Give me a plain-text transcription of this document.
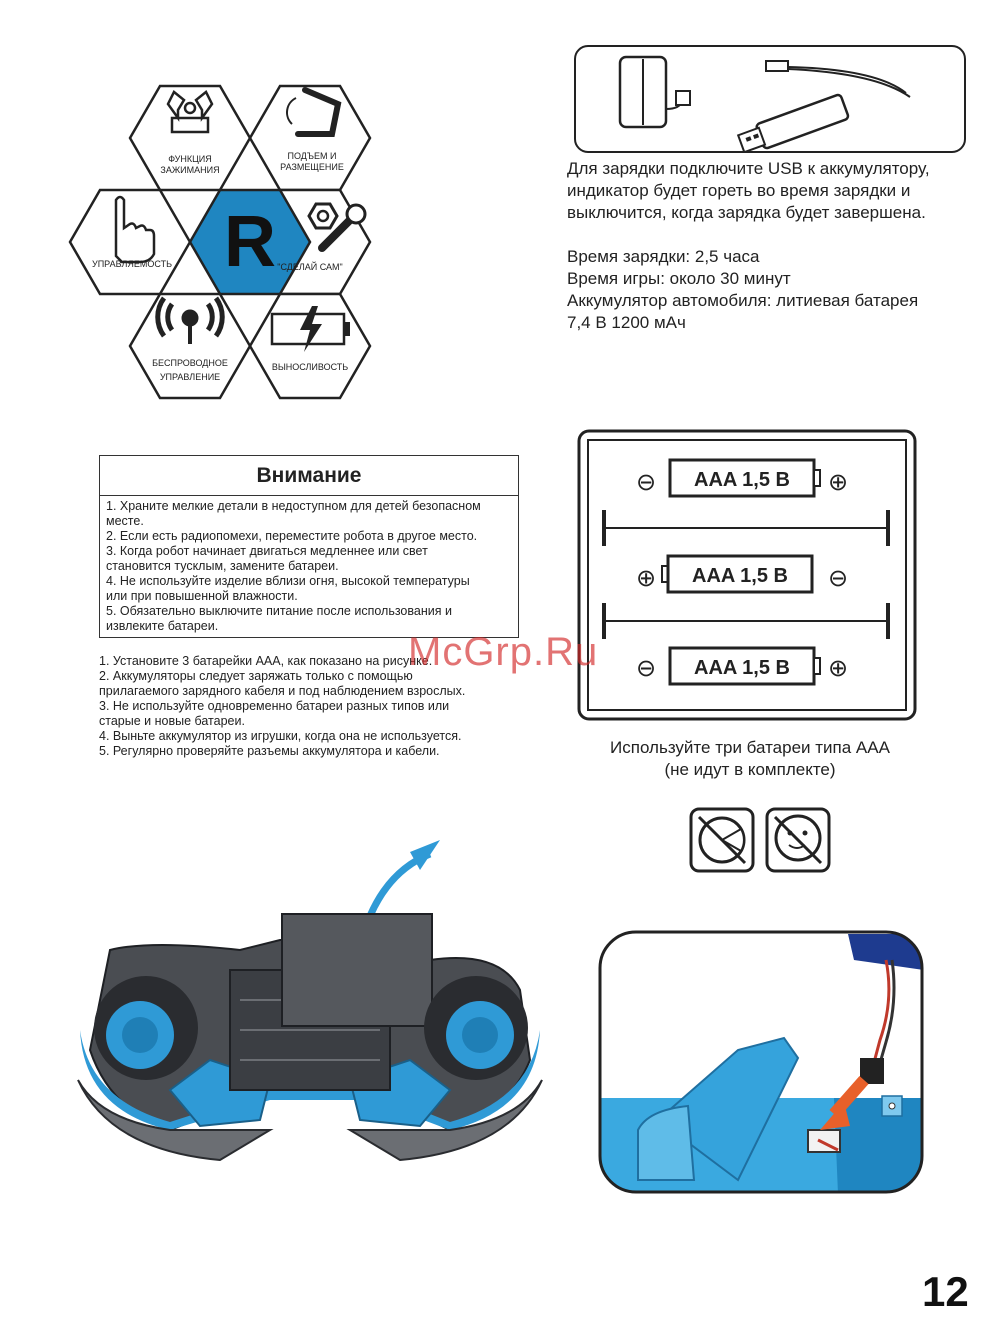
R
ФУНКЦИЯ
ЗАЖИМАНИЯ
ПОДЪЕМ И
РАЗМЕЩЕНИЕ
УПРАВЛЯЕМОСТЬ	"СДЕЛАЙ САМ"
БЕСПРОВОДНОЕ
УПРАВЛЕНИЕ
ВЫНОСЛИВОСТЬ

Для зарядки подключите USB к аккумулятору,

индикатор будет гореть во время зарядки и

выключится, когда зарядка будет завершена.

Время зарядки: 2,5 часа

Время игры: около 30 минут

Аккумулятор автомобиля: литиевая батарея

7,4 В 1200 мАч

Внимание

1. Храните мелкие детали в недоступном для детей безопасном

месте.

2. Если есть радиопомехи, переместите робота в другое место.

3. Когда робот начинает двигаться медленнее или свет

становится тусклым, замените батареи.

4. Не используйте изделие вблизи огня, высокой температуры

или при повышенной влажности.

5. Обязательно выключите питание после использования и

извлеките батареи.

1. Установите 3 батарейки ААА, как показано на рисунке.

2. Аккумуляторы следует заряжать только с помощью

прилагаемого зарядного кабеля и под наблюдением взрослых.

3. Не используйте одновременно батареи разных типов или

старые и новые батареи.

4. Выньте аккумулятор из игрушки, когда она не используется.

5. Регулярно проверяйте разъемы аккумулятора и кабели.

⊖ AAA 1,5 B ⊕
⊕ AAA 1,5 B ⊖
⊖ AAA 1,5 B ⊕
McGrp.Ru

Используйте три батареи типа ААА

(не идут в комплекте)

12
